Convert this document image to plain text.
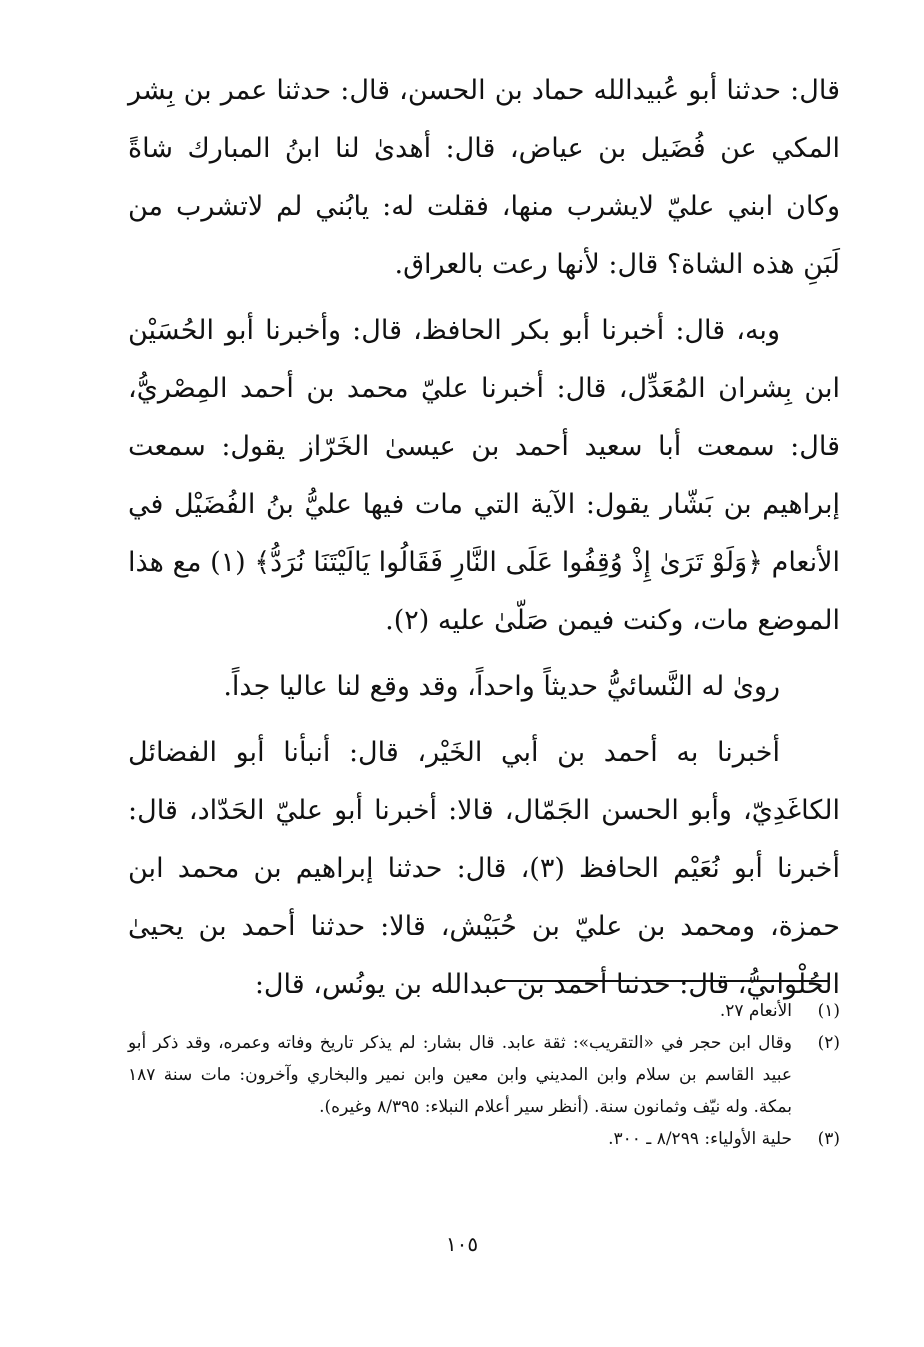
قال: حدثنا أبو عُبيدالله حماد بن الحسن، قال: حدثنا عمر بن بِشر المكي عن فُضَيل بن عياض، قال: أهدىٰ لنا ابنُ المبارك شاةً وكان ابني عليّ لايشرب منها، فقلت له: يابُني لم لاتشرب من لَبَنِ هذه الشاة؟ قال: لأنها رعت بالعراق.

وبه، قال: أخبرنا أبو بكر الحافظ، قال: وأخبرنا أبو الحُسَيْن ابن بِشران المُعَدِّل، قال: أخبرنا عليّ محمد بن أحمد المِصْريُّ، قال: سمعت أبا سعيد أحمد بن عيسىٰ الخَرّاز يقول: سمعت إبراهيم بن بَشّار يقول: الآية التي مات فيها عليُّ بنُ الفُضَيْل في الأنعام ﴿وَلَوْ تَرَىٰ إِذْ وُقِفُوا عَلَى النَّارِ فَقَالُوا يَالَيْتَنَا نُرَدُّ﴾ (١) مع هذا الموضع مات، وكنت فيمن صَلّىٰ عليه (٢).

روىٰ له النَّسائيُّ حديثاً واحداً، وقد وقع لنا عاليا جداً.

أخبرنا به أحمد بن أبي الخَيْر، قال: أنبأنا أبو الفضائل الكاغَدِيّ، وأبو الحسن الجَمّال، قالا: أخبرنا أبو عليّ الحَدّاد، قال: أخبرنا أبو نُعَيْم الحافظ (٣)، قال: حدثنا إبراهيم بن محمد ابن حمزة، ومحمد بن عليّ بن حُبَيْش، قالا: حدثنا أحمد بن يحيىٰ الحُلْوانيُّ، قال: حدثنا أحمد بن عبدالله بن يونُس، قال:

(١)
الأنعام ٢٧.
(٢)
وقال ابن حجر في «التقريب»: ثقة عابد. قال بشار: لم يذكر تاريخ وفاته وعمره، وقد ذكر أبو عبيد القاسم بن سلام وابن المديني وابن معين وابن نمير والبخاري وآخرون: مات سنة ١٨٧ بمكة. وله نيّف وثمانون سنة. (أنظر سير أعلام النبلاء: ٨/٣٩٥ وغيره).
(٣)
حلية الأولياء: ٨/٢٩٩ ـ ٣٠٠.
١٠٥
